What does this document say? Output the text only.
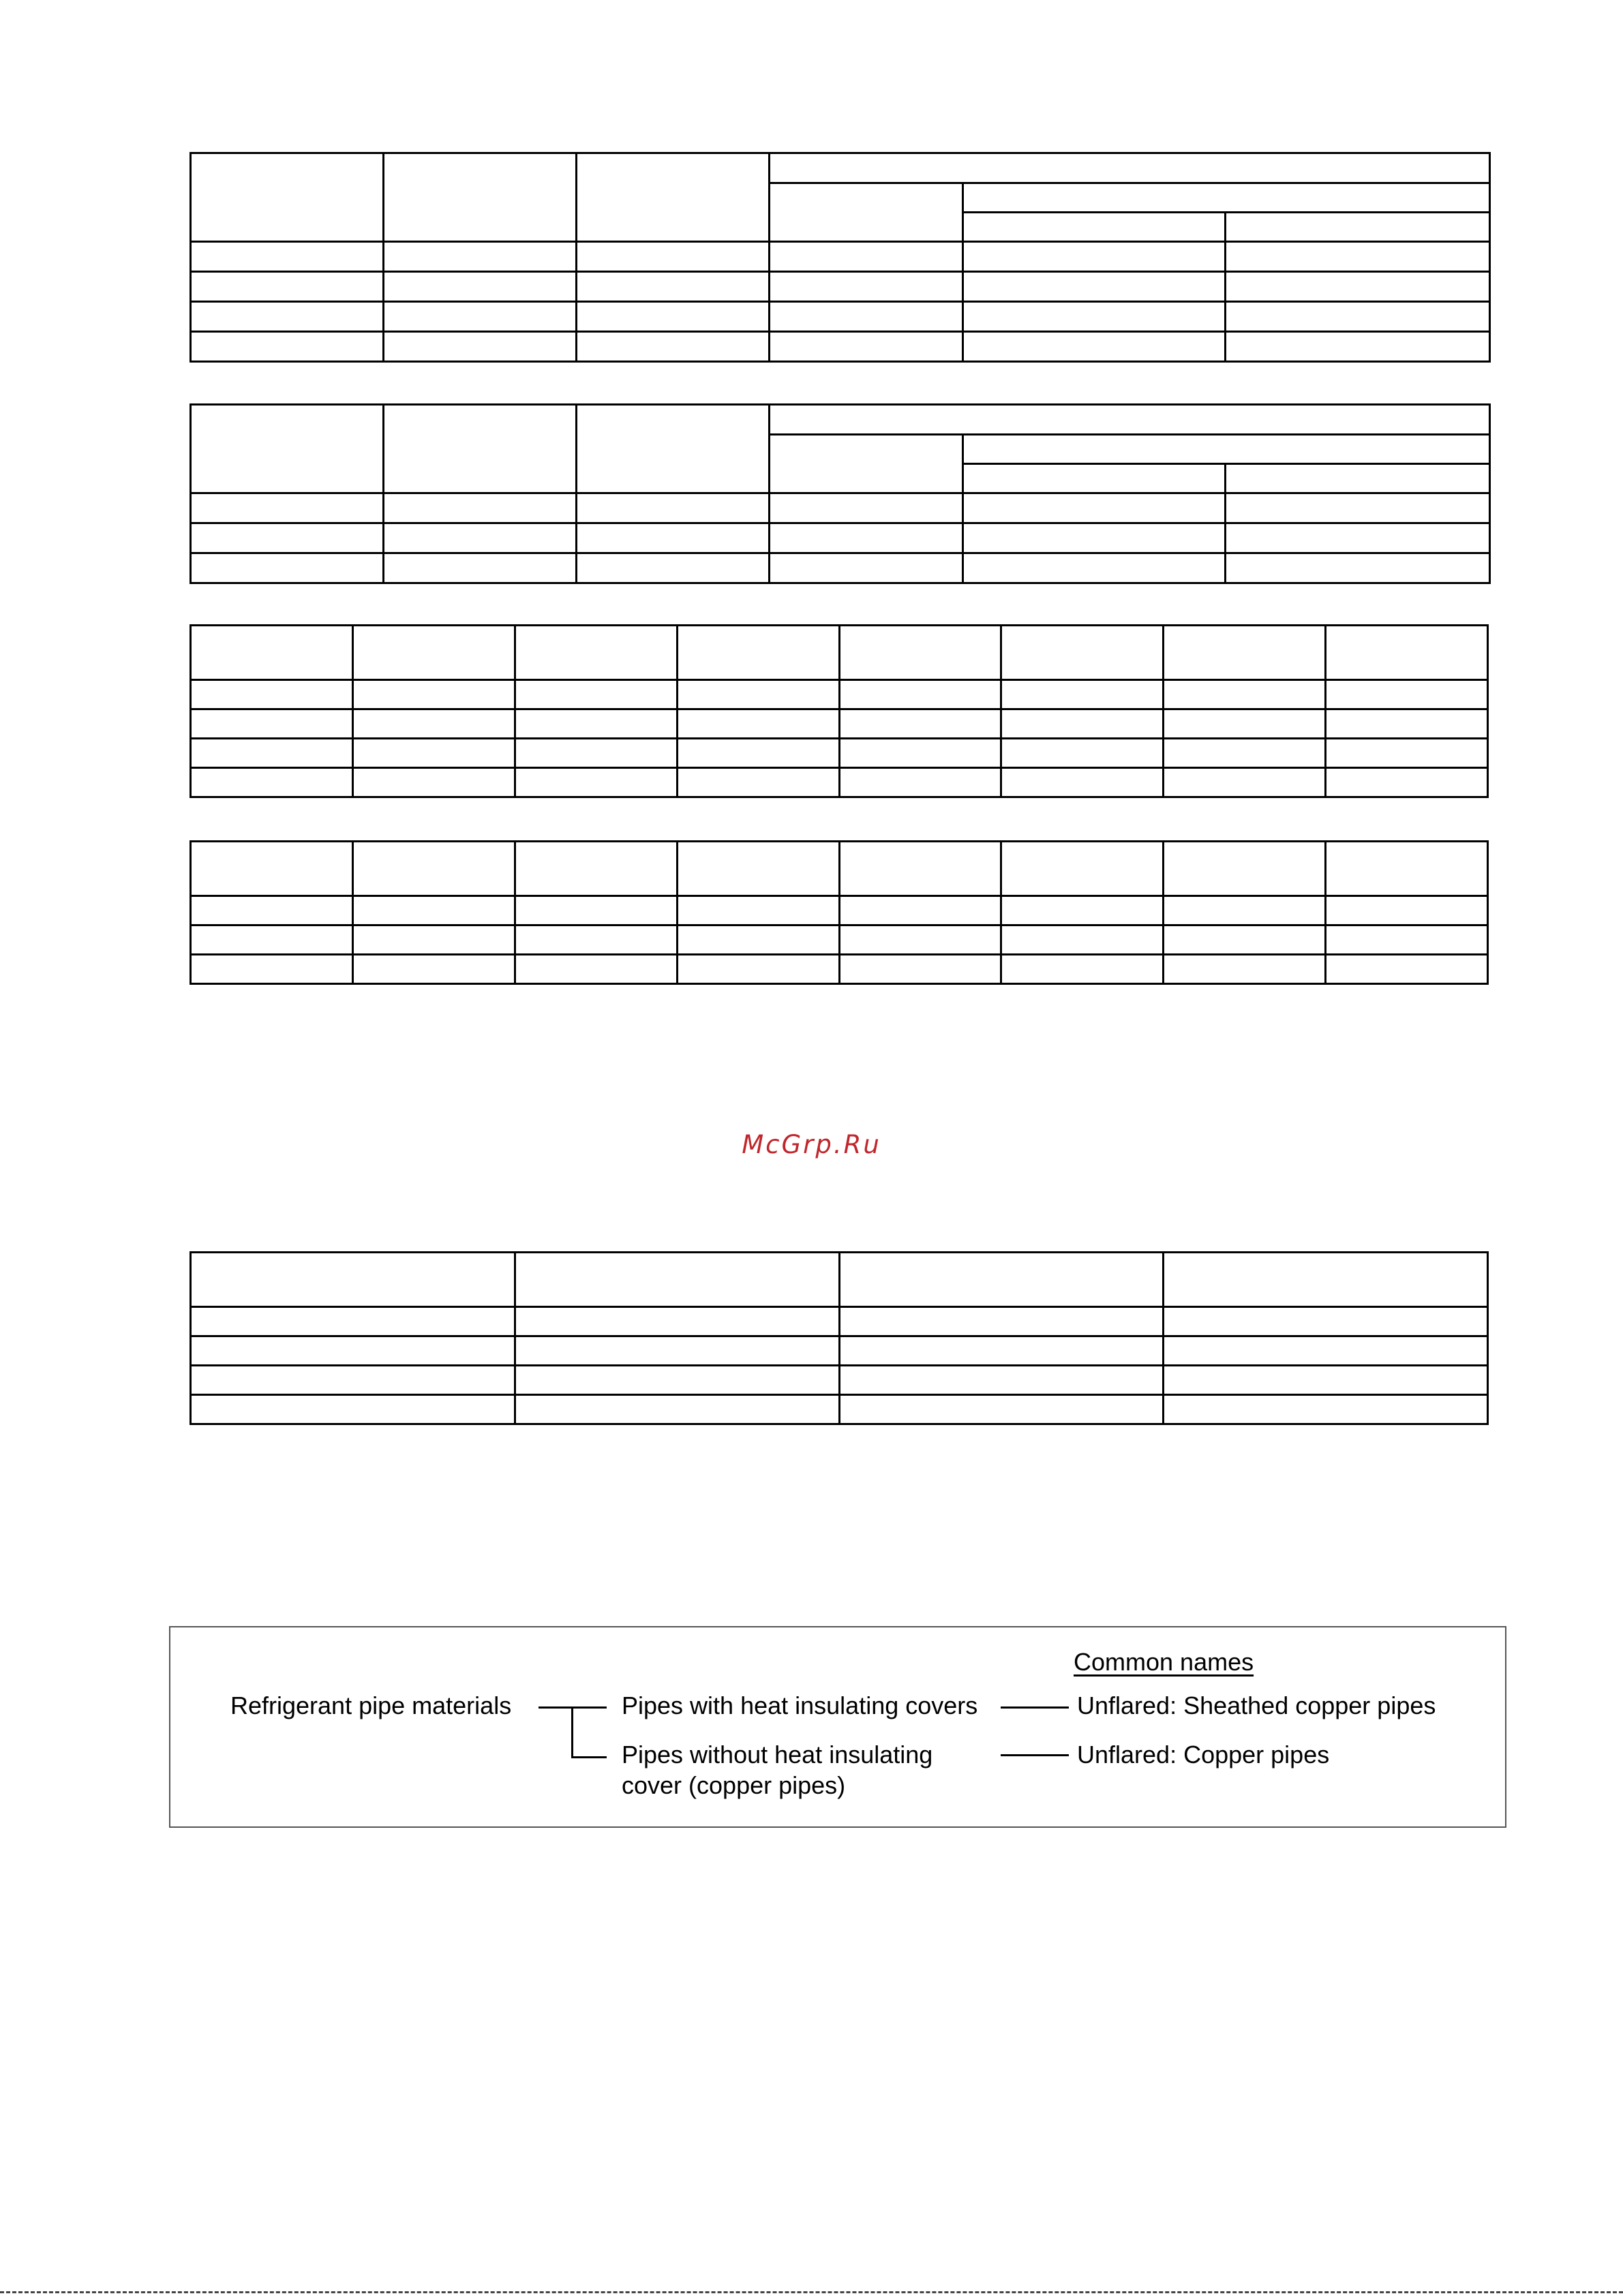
McGrp.Ru

Common names
Refrigerant pipe materials	Pipes with heat insulating covers
Pipes without heat insulating
cover (copper pipes)
Unflared: Sheathed copper pipes
Unflared: Copper pipes
